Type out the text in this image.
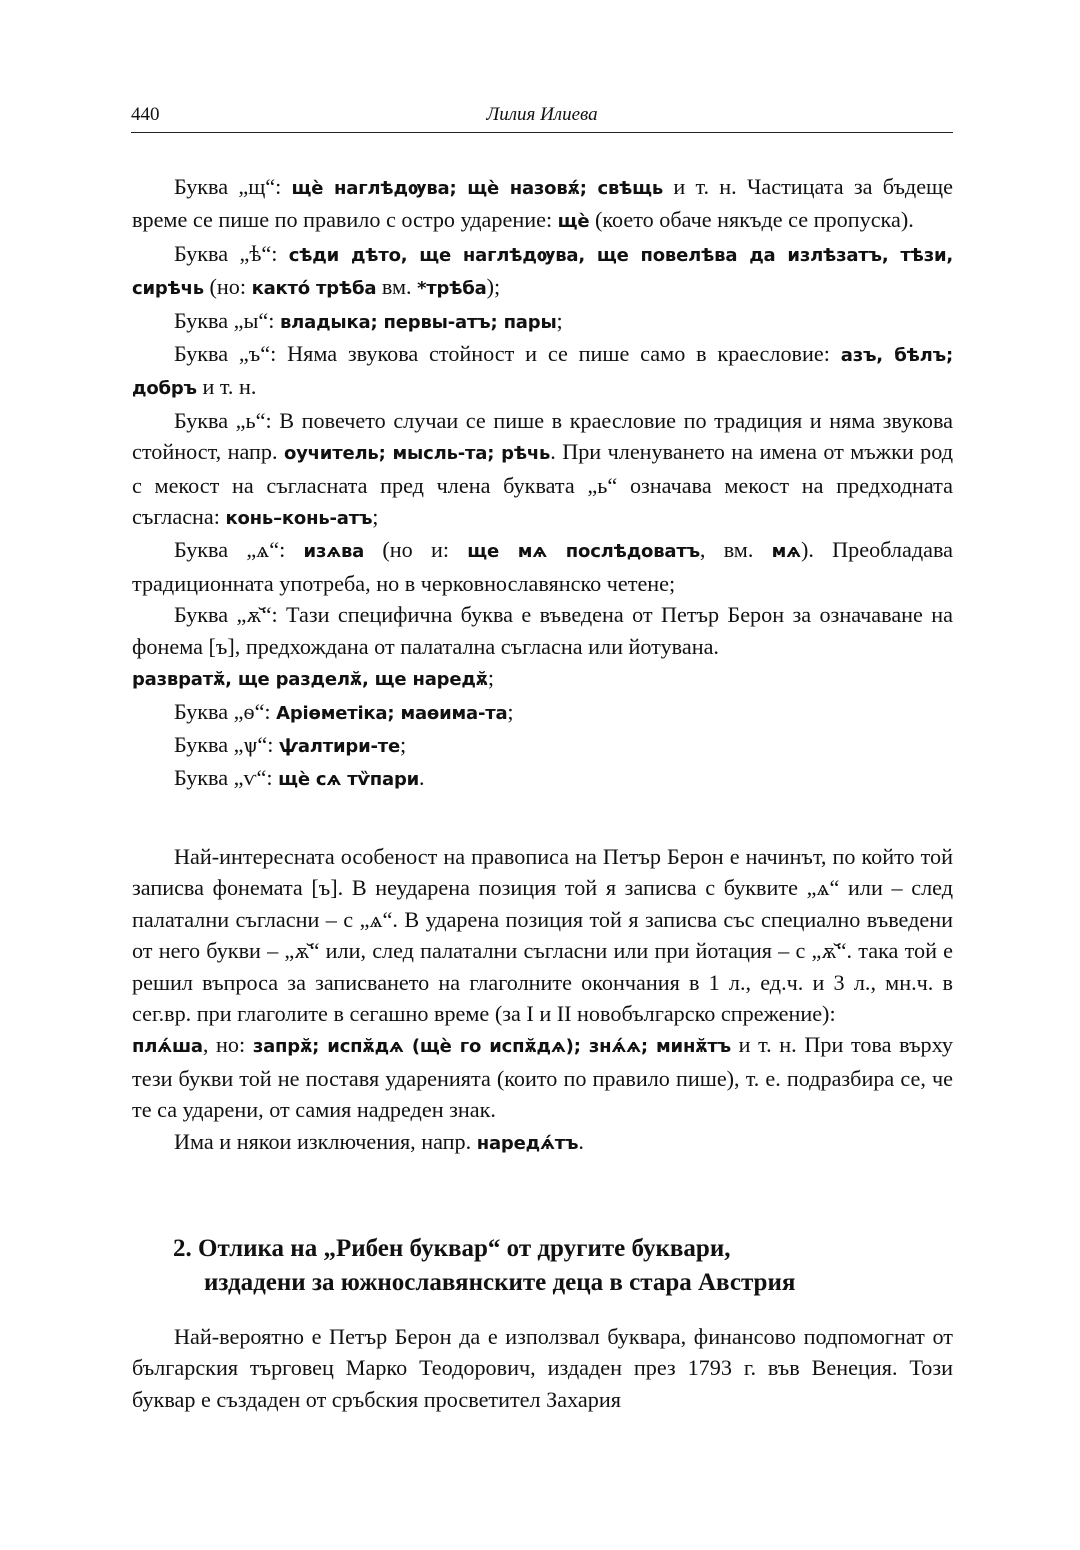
440	Лилия Илиева

Буква „щ“: щѐ наглѣдѹва; щѐ назовѫ́; свѣщь и т. н. Частицата за бъдеще време се пише по правило с остро ударение: щѐ (което обаче някъде се пропуска).

Буква „ѣ“: сѣди дѣто, ще наглѣдѹва, ще повелѣва да излѣзатъ, тѣзи, сирѣчь (но: както́ трѣба вм. *трѣба);

Буква „ы“: владыка; первы-атъ; пары;

Буква „ъ“: Няма звукова стойност и се пише само в краесловие: азъ, бѣлъ; добръ и т. н.

Буква „ь“: В повечето случаи се пише в краесловие по традиция и няма звукова стойност, напр. оучитель; мысль-та; рѣчь. При членуването на имена от мъжки род с мекост на съгласната пред члена буквата „ь“ означава мекост на предходната съгласна: конь–конь-атъ;

Буква „ѧ“: изѧва (но и: ще мѧ послѣдоватъ, вм. мѧ). Преобладава традиционната употреба, но в черковнославянско четене;

Буква „ѫ̆“: Тази специфична буква е въведена от Петър Берон за означаване на фонема [ъ], предхождана от палатална съгласна или йотувана.

развратѫ̆, ще разделѫ̆, ще наредѫ̆;

Буква „ѳ“: Аріѳметіка; маѳима-та;

Буква „ѱ“: ѱалтири-те;

Буква „ѵ“: щѐ сѧ тѷпари.

Най-интересната особеност на правописа на Петър Берон е начинът, по който той записва фонемата [ъ]. В неударена позиция той я записва с буквите „ѧ“ или – след палатални съгласни – с „ѧ“. В ударена позиция той я записва със специално въведени от него букви – „ѫ̆“ или, след палатални съгласни или при йотация – с „ѫ̆“. така той е решил въпроса за записването на глаголните окончания в 1 л., ед.ч. и 3 л., мн.ч. в сег.вр. при глаголите в сегашно време (за I и II новобългарско спрежение):

плѧ́ша, но: запрѫ̆; испѫ̆дѧ (щѐ го испѫ̆дѧ); знѧ́ѧ; минѫ̆тъ и т. н. При това върху тези букви той не поставя ударенията (които по правило пише), т. е. подразбира се, че те са ударени, от самия надреден знак.

Има и някои изключения, напр. наредѧ́тъ.

2. Отлика на „Рибен буквар“ от другите буквари,
издадени за южнославянските деца в стара Австрия

Най-вероятно е Петър Берон да е използвал буквара, финансово подпомогнат от българския търговец Марко Теодорович, издаден през 1793 г. във Венеция. Този буквар е създаден от сръбския просветител Захария
